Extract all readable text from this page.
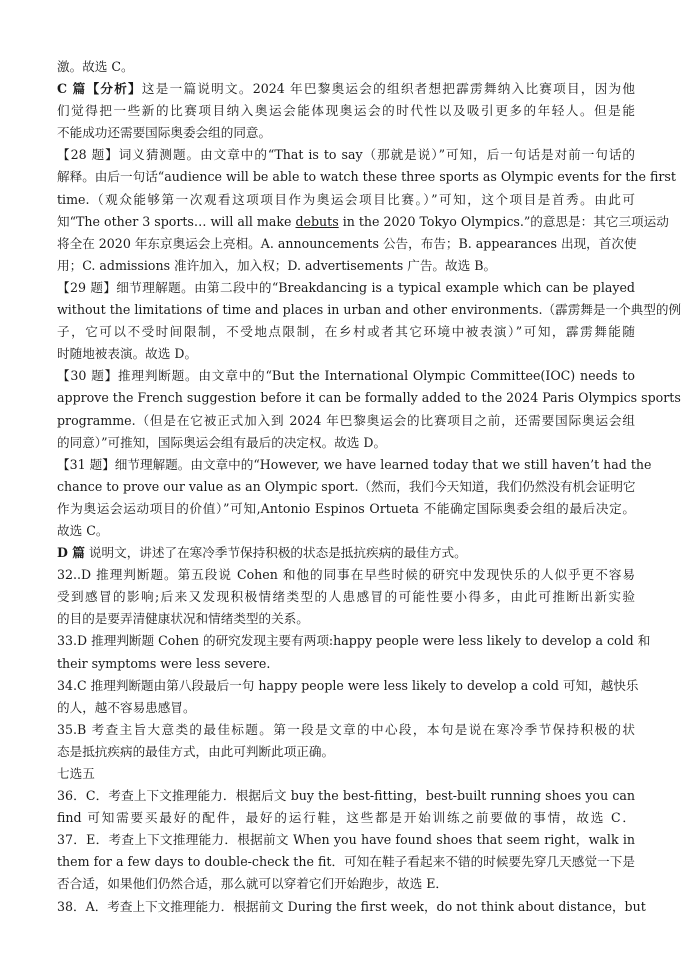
激。故选 C。
C 篇【分析】这是一篇说明文。2024 年巴黎奥运会的组织者想把霹雳舞纳入比赛项目，因为他
们觉得把一些新的比赛项目纳入奥运会能体现奥运会的时代性以及吸引更多的年轻人。但是能
不能成功还需要国际奥委会组的同意。
【28 题】词义猜测题。由文章中的“That is to say（那就是说）”可知，后一句话是对前一句话的
解释。由后一句话“audience will be able to watch these three sports as Olympic events for the first
time.（观众能够第一次观看这项项目作为奥运会项目比赛。）”可知，这个项目是首秀。由此可
知“The other 3 sports… will all make debuts in the 2020 Tokyo Olympics.”的意思是：其它三项运动
将全在 2020 年东京奥运会上亮相。A. announcements 公告，布告；B. appearances 出现，首次使
用；C. admissions 准许加入，加入权；D. advertisements 广告。故选 B。
【29 题】细节理解题。由第二段中的“Breakdancing is a typical example which can be played
without the limitations of time and places in urban and other environments.（霹雳舞是一个典型的例
子，它可以不受时间限制，不受地点限制，在乡村或者其它环境中被表演）”可知，霹雳舞能随
时随地被表演。故选 D。
【30 题】推理判断题。由文章中的“But the International Olympic Committee(IOC) needs to
approve the French suggestion before it can be formally added to the 2024 Paris Olympics sports
programme.（但是在它被正式加入到 2024 年巴黎奥运会的比赛项目之前，还需要国际奥运会组
的同意）”可推知，国际奥运会组有最后的决定权。故选 D。
【31 题】细节理解题。由文章中的“However, we have learned today that we still haven’t had the
chance to prove our value as an Olympic sport.（然而，我们今天知道，我们仍然没有机会证明它
作为奥运会运动项目的价值）”可知,Antonio Espinos Ortueta 不能确定国际奥委会组的最后决定。
故选 C。
D 篇 说明文，讲述了在寒冷季节保持积极的状态是抵抗疾病的最佳方式。
32..D 推理判断题。第五段说 Cohen 和他的同事在早些时候的研究中发现快乐的人似乎更不容易
受到感冒的影响;后来又发现积极情绪类型的人患感冒的可能性要小得多，由此可推断出新实验
的目的是要弄清健康状况和情绪类型的关系。
33.D 推理判断题 Cohen 的研究发现主要有两项:happy people were less likely to develop a cold 和
their symptoms were less severe.
34.C 推理判断题由第八段最后一句 happy people were less likely to develop a cold 可知，越快乐
的人，越不容易患感冒。
35.B 考查主旨大意类的最佳标题。第一段是文章的中心段，本句是说在寒冷季节保持积极的状
态是抵抗疾病的最佳方式，由此可判断此项正确。
七选五
36．C．考查上下文推理能力．根据后文 buy the best-fitting，best-built running shoes you can
find 可知需要买最好的配件，最好的运行鞋，这些都是开始训练之前要做的事情，故选 C．
37．E．考查上下文推理能力．根据前文 When you have found shoes that seem right，walk in
them for a few days to double-check the fit．可知在鞋子看起来不错的时候要先穿几天感觉一下是
否合适，如果他们仍然合适，那么就可以穿着它们开始跑步，故选 E．
38．A．考查上下文推理能力．根据前文 During the first week，do not think about distance，but
